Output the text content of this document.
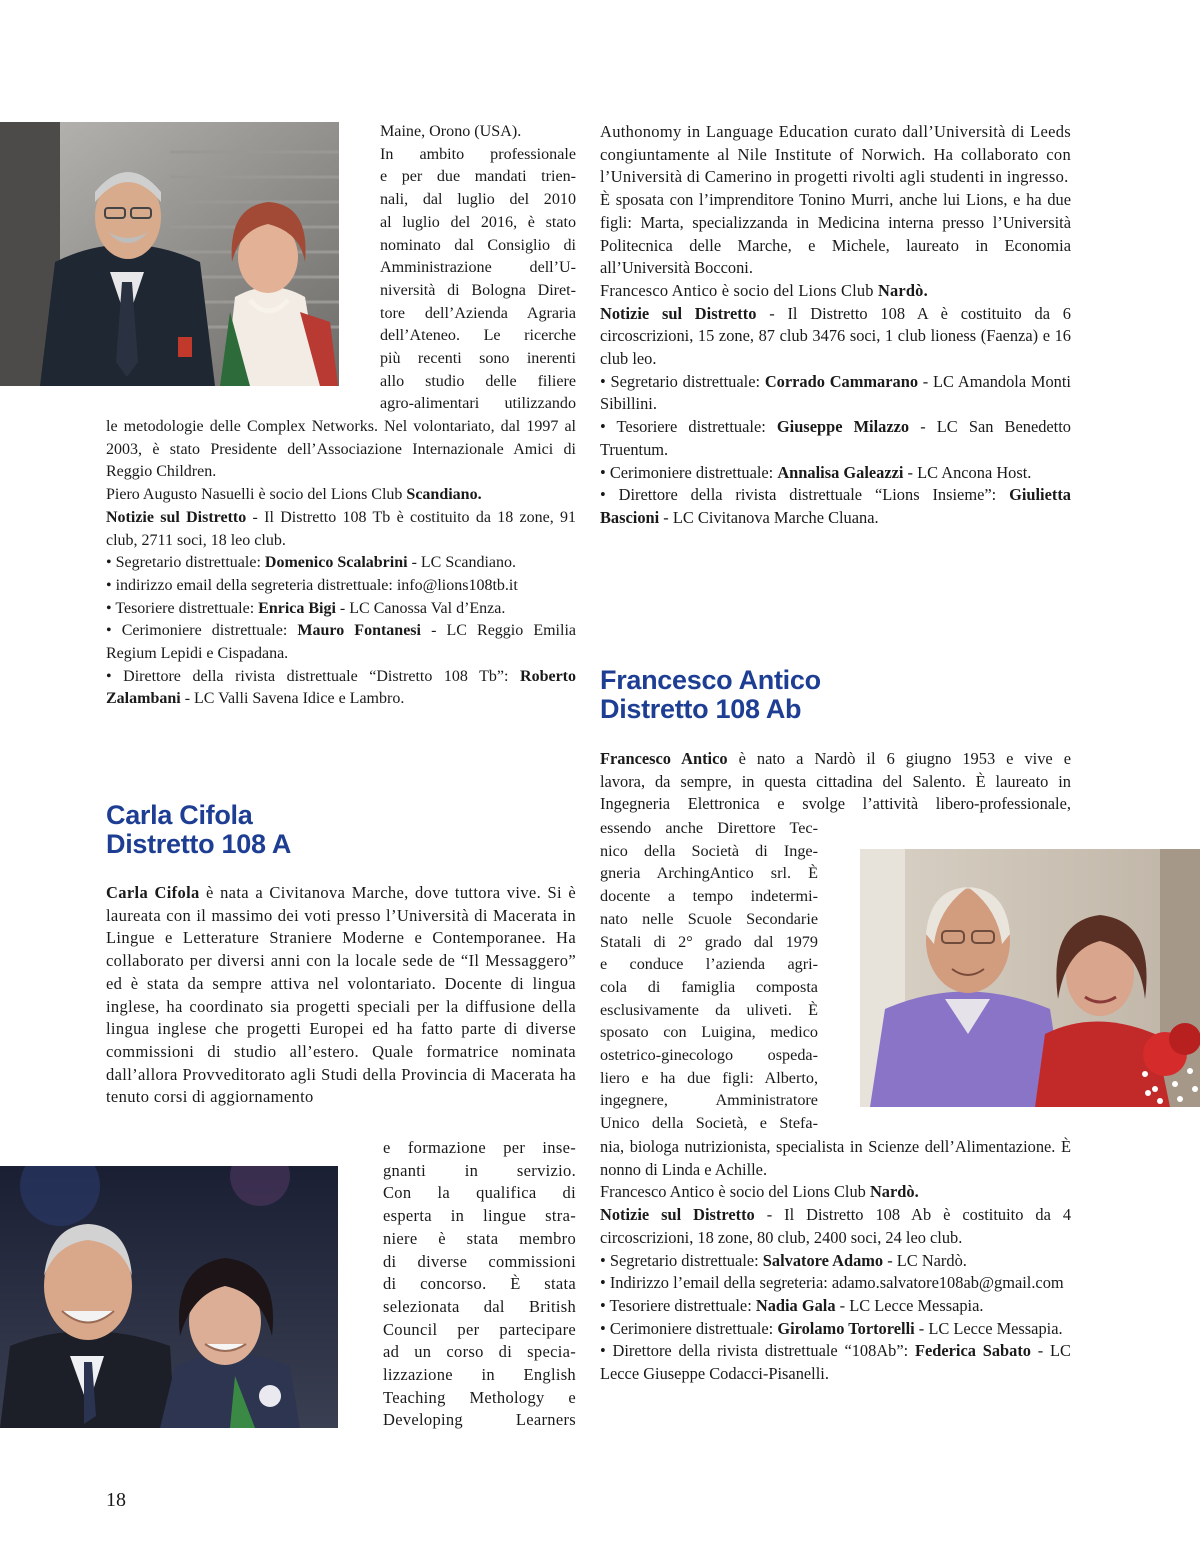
Maine, Orono (USA).
In ambito professionale
e per due mandati trien-
nali, dal luglio del 2010
al luglio del 2016, è stato
nominato dal Consiglio di
Amministrazione dell’U-
niversità di Bologna Diret-
tore dell’Azienda Agraria
dell’Ateneo. Le ricerche
più recenti sono inerenti
allo studio delle filiere
agro-alimentari utilizzando

le metodologie delle Complex Networks. Nel volontariato, dal 1997 al 2003, è stato Presidente dell’Associazione Internazionale Amici di Reggio Children.

Piero Augusto Nasuelli è socio del Lions Club Scandiano.

Notizie sul Distretto - Il Distretto 108 Tb è costituito da 18 zone, 91 club, 2711 soci, 18 leo club.

• Segretario distrettuale: Domenico Scalabrini - LC Scandiano.

• indirizzo email della segreteria distrettuale: info@lions108tb.it

• Tesoriere distrettuale: Enrica Bigi - LC Canossa Val d’Enza.

• Cerimoniere distrettuale: Mauro Fontanesi - LC Reggio Emilia Regium Lepidi e Cispadana.

• Direttore della rivista distrettuale “Distretto 108 Tb”: Roberto Zalambani - LC Valli Savena Idice e Lambro.

Carla Cifola
Distretto 108 A

Carla Cifola è nata a Civitanova Marche, dove tuttora vive. Si è laureata con il massimo dei voti presso l’Università di Macerata in Lingue e Letterature Straniere Moderne e Contemporanee. Ha collaborato per diversi anni con la locale sede de “Il Messaggero” ed è stata da sempre attiva nel volontariato. Docente di lingua inglese, ha coordinato sia progetti speciali per la diffusione della lingua inglese che progetti Europei ed ha fatto parte di diverse commissioni di studio all’estero. Quale formatrice nominata dall’allora Provveditorato agli Studi della Provincia di Macerata ha tenuto corsi di aggiornamento

e formazione per inse-
gnanti in servizio.
Con la qualifica di
esperta in lingue stra-
niere è stata membro
di diverse commissioni
di concorso. È stata
selezionata dal British
Council per partecipare
ad un corso di specia-
lizzazione in English
Teaching Methology e
Developing Learners
18

Authonomy in Language Education curato dall’Università di Leeds congiuntamente al Nile Institute of Norwich. Ha collaborato con l’Università di Camerino in progetti rivolti agli studenti in ingresso.

È sposata con l’imprenditore Tonino Murri, anche lui Lions, e ha due figli: Marta, specializzanda in Medicina interna presso l’Università Politecnica delle Marche, e Michele, laureato in Economia all’Università Bocconi.

Francesco Antico è socio del Lions Club Nardò.

Notizie sul Distretto - Il Distretto 108 A è costituito da 6 circoscrizioni, 15 zone, 87 club 3476 soci, 1 club lioness (Faenza) e 16 club leo.

• Segretario distrettuale: Corrado Cammarano - LC Amandola Monti Sibillini.

• Tesoriere distrettuale: Giuseppe Milazzo - LC San Benedetto Truentum.

• Cerimoniere distrettuale: Annalisa Galeazzi - LC Ancona Host.

• Direttore della rivista distrettuale “Lions Insieme”: Giulietta Bascioni - LC Civitanova Marche Cluana.

Francesco Antico
Distretto 108 Ab
Francesco Antico è nato a Nardò il 6 giugno 1953 e vive e
lavora, da sempre, in questa cittadina del Salento. È laureato in
Ingegneria Elettronica e svolge l’attività libero-professionale,
essendo anche Direttore Tec-
nico della Società di Inge-
gneria ArchingAntico srl. È
docente a tempo indetermi-
nato nelle Scuole Secondarie
Statali di 2° grado dal 1979
e conduce l’azienda agri-
cola di famiglia composta
esclusivamente da uliveti. È
sposato con Luigina, medico
ostetrico-ginecologo ospeda-
liero e ha due figli: Alberto,
ingegnere, Amministratore
Unico della Società, e Stefa-

nia, biologa nutrizionista, specialista in Scienze dell’Alimentazione. È nonno di Linda e Achille.

Francesco Antico è socio del Lions Club Nardò.

Notizie sul Distretto - Il Distretto 108 Ab è costituito da 4 circoscrizioni, 18 zone, 80 club, 2400 soci, 24 leo club.

• Segretario distrettuale: Salvatore Adamo - LC Nardò.

• Indirizzo l’email della segreteria: adamo.salvatore108ab@gmail.com

• Tesoriere distrettuale: Nadia Gala - LC Lecce Messapia.

• Cerimoniere distrettuale: Girolamo Tortorelli - LC Lecce Messapia.

• Direttore della rivista distrettuale “108Ab”: Federica Sabato - LC Lecce Giuseppe Codacci-Pisanelli.
